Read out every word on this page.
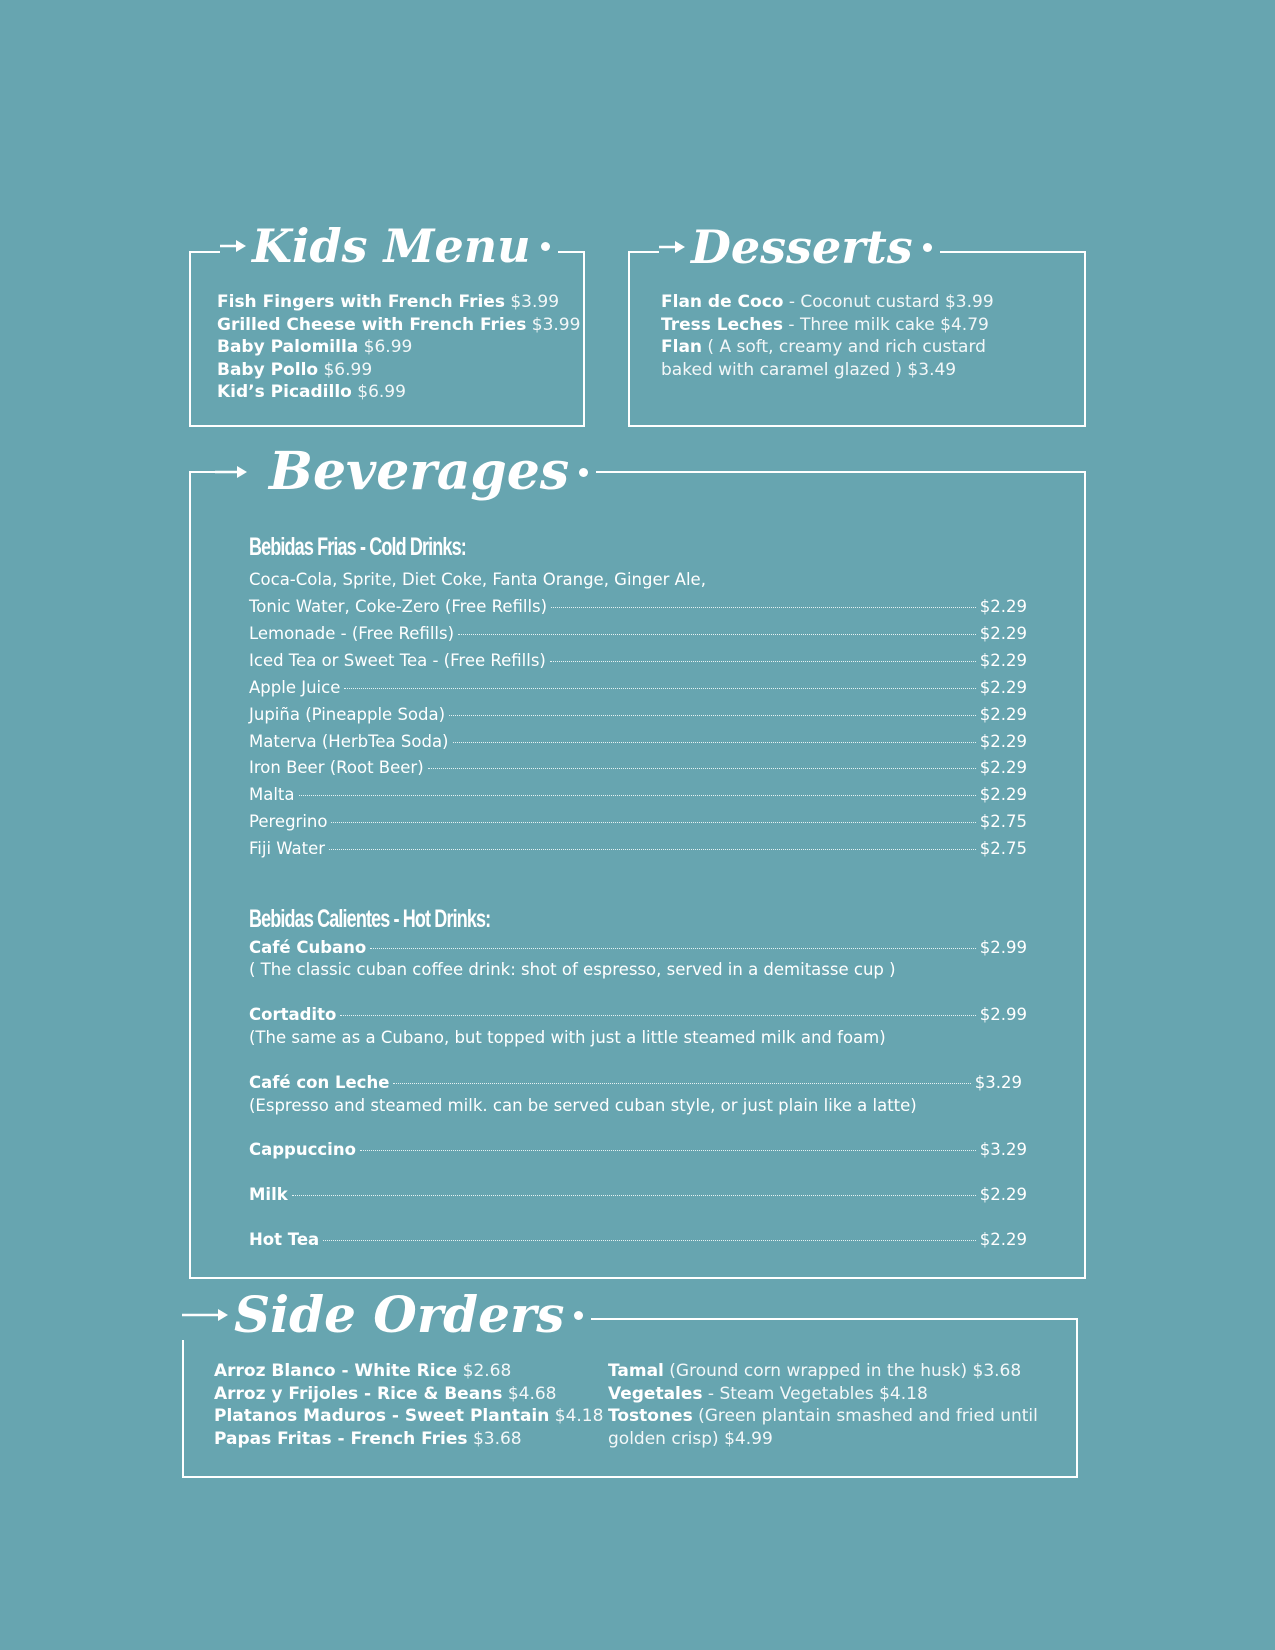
Kids Menu
Fish Fingers with French Fries $3.99
Grilled Cheese with French Fries $3.99
Baby Palomilla $6.99
Baby Pollo $6.99
Kid’s Picadillo $6.99
Desserts
Flan de Coco - Coconut custard $3.99
Tress Leches - Three milk cake $4.79
Flan ( A soft, creamy and rich custard
baked with caramel glazed ) $3.49
Beverages
Bebidas Frias - Cold Drinks:
Coca-Cola, Sprite, Diet Coke, Fanta Orange, Ginger Ale,
Tonic Water, Coke-Zero (Free Refills)	$2.29
Lemonade - (Free Refills)	$2.29
Iced Tea or Sweet Tea - (Free Refills)	$2.29
Apple Juice	$2.29
Jupiña (Pineapple Soda)	$2.29
Materva (HerbTea Soda)	$2.29
Iron Beer (Root Beer)	$2.29
Malta	$2.29
Peregrino	$2.75
Fiji Water	$2.75
Bebidas Calientes - Hot Drinks:
Café Cubano	$2.99
( The classic cuban coffee drink: shot of espresso, served in a demitasse cup )
Cortadito	$2.99
(The same as a Cubano, but topped with just a little steamed milk and foam)
Café con Leche	$3.29
(Espresso and steamed milk. can be served cuban style, or just plain like a latte)
Cappuccino	$3.29
Milk	$2.29
Hot Tea	$2.29
Side Orders
Arroz Blanco - White Rice $2.68
Arroz y Frijoles - Rice & Beans $4.68
Platanos Maduros - Sweet Plantain $4.18
Papas Fritas - French Fries $3.68
Tamal (Ground corn wrapped in the husk) $3.68
Vegetales - Steam Vegetables $4.18
Tostones (Green plantain smashed and fried until
golden crisp) $4.99
